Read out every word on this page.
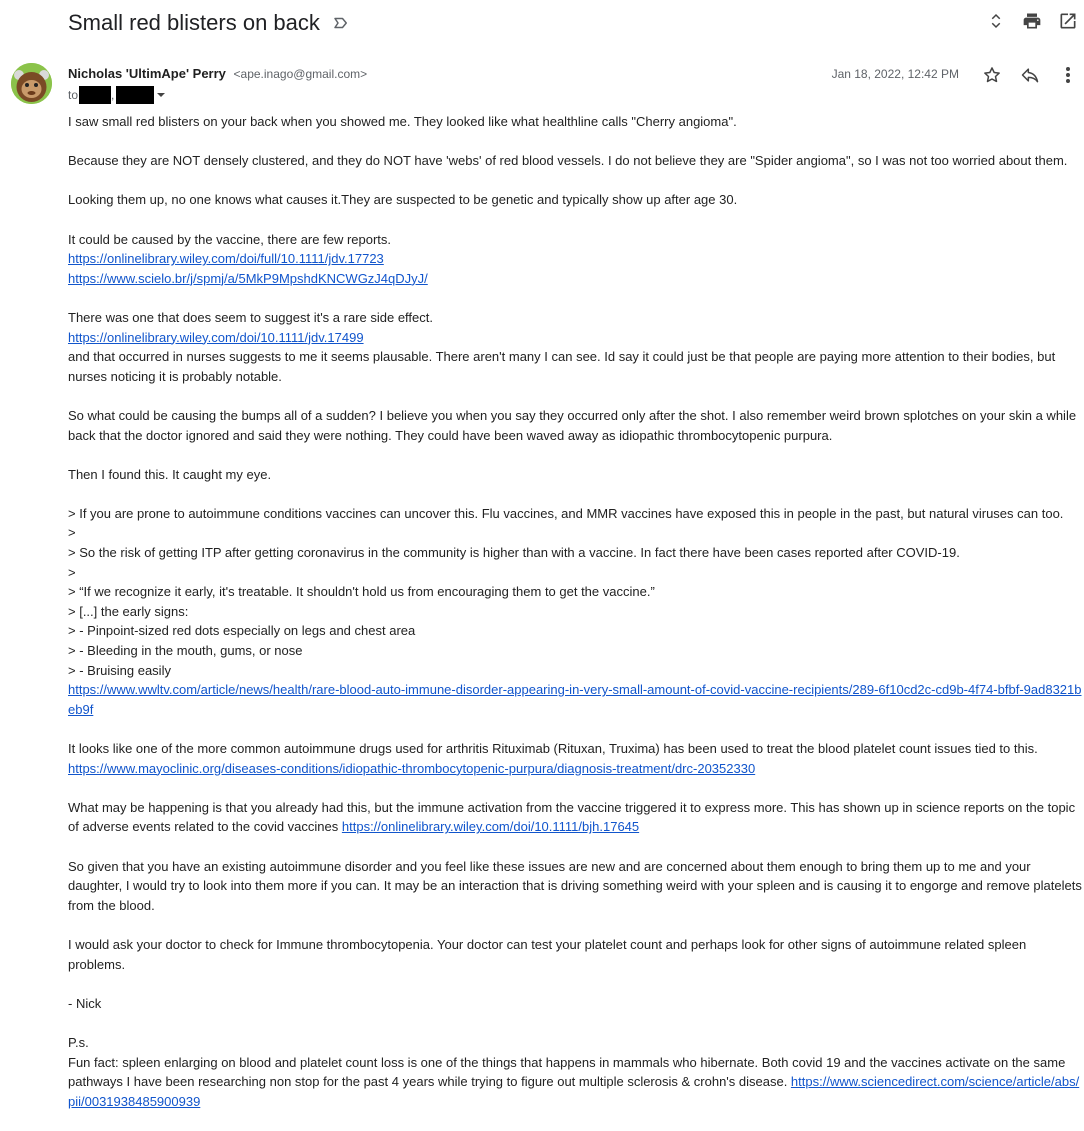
Small red blisters on back
Nicholas 'UltimApe' Perry <ape.inago@gmail.com>
to	,
Jan 18, 2022, 12:42 PM

I saw small red blisters on your back when you showed me. They looked like what healthline calls "Cherry angioma".

Because they are NOT densely clustered, and they do NOT have 'webs' of red blood vessels. I do not believe they are "Spider angioma", so I was not too worried about them.

Looking them up, no one knows what causes it.They are suspected to be genetic and typically show up after age 30.

It could be caused by the vaccine, there are few reports.
https://onlinelibrary.wiley.com/doi/full/10.1111/jdv.17723
https://www.scielo.br/j/spmj/a/5MkP9MpshdKNCWGzJ4qDJyJ/

There was one that does seem to suggest it's a rare side effect.
https://onlinelibrary.wiley.com/doi/10.1111/jdv.17499
and that occurred in nurses suggests to me it seems plausable. There aren't many I can see. Id say it could just be that people are paying more attention to their bodies, but nurses noticing it is probably notable.

So what could be causing the bumps all of a sudden? I believe you when you say they occurred only after the shot. I also remember weird brown splotches on your skin a while back that the doctor ignored and said they were nothing. They could have been waved away as idiopathic thrombocytopenic purpura.

Then I found this. It caught my eye.

> If you are prone to autoimmune conditions vaccines can uncover this. Flu vaccines, and MMR vaccines have exposed this in people in the past, but natural viruses can too.
>
> So the risk of getting ITP after getting coronavirus in the community is higher than with a vaccine. In fact there have been cases reported after COVID-19.
>
> “If we recognize it early, it's treatable. It shouldn't hold us from encouraging them to get the vaccine.”
> [...] the early signs:
> - Pinpoint-sized red dots especially on legs and chest area
> - Bleeding in the mouth, gums, or nose
> - Bruising easily
https://www.wwltv.com/article/news/health/rare-blood-auto-immune-disorder-appearing-in-very-small-amount-of-covid-vaccine-recipients/289-6f10cd2c-cd9b-4f74-bfbf-9ad8321beb9f

It looks like one of the more common autoimmune drugs used for arthritis Rituximab (Rituxan, Truxima) has been used to treat the blood platelet count issues tied to this.
https://www.mayoclinic.org/diseases-conditions/idiopathic-thrombocytopenic-purpura/diagnosis-treatment/drc-20352330

What may be happening is that you already had this, but the immune activation from the vaccine triggered it to express more. This has shown up in science reports on the topic of adverse events related to the covid vaccines https://onlinelibrary.wiley.com/doi/10.1111/bjh.17645

So given that you have an existing autoimmune disorder and you feel like these issues are new and are concerned about them enough to bring them up to me and your daughter, I would try to look into them more if you can. It may be an interaction that is driving something weird with your spleen and is causing it to engorge and remove platelets from the blood.

I would ask your doctor to check for Immune thrombocytopenia. Your doctor can test your platelet count and perhaps look for other signs of autoimmune related spleen problems.

- Nick

P.s.
Fun fact: spleen enlarging on blood and platelet count loss is one of the things that happens in mammals who hibernate. Both covid 19 and the vaccines activate on the same pathways I have been researching non stop for the past 4 years while trying to figure out multiple sclerosis & crohn's disease. https://www.sciencedirect.com/science/article/abs/pii/0031938485900939
